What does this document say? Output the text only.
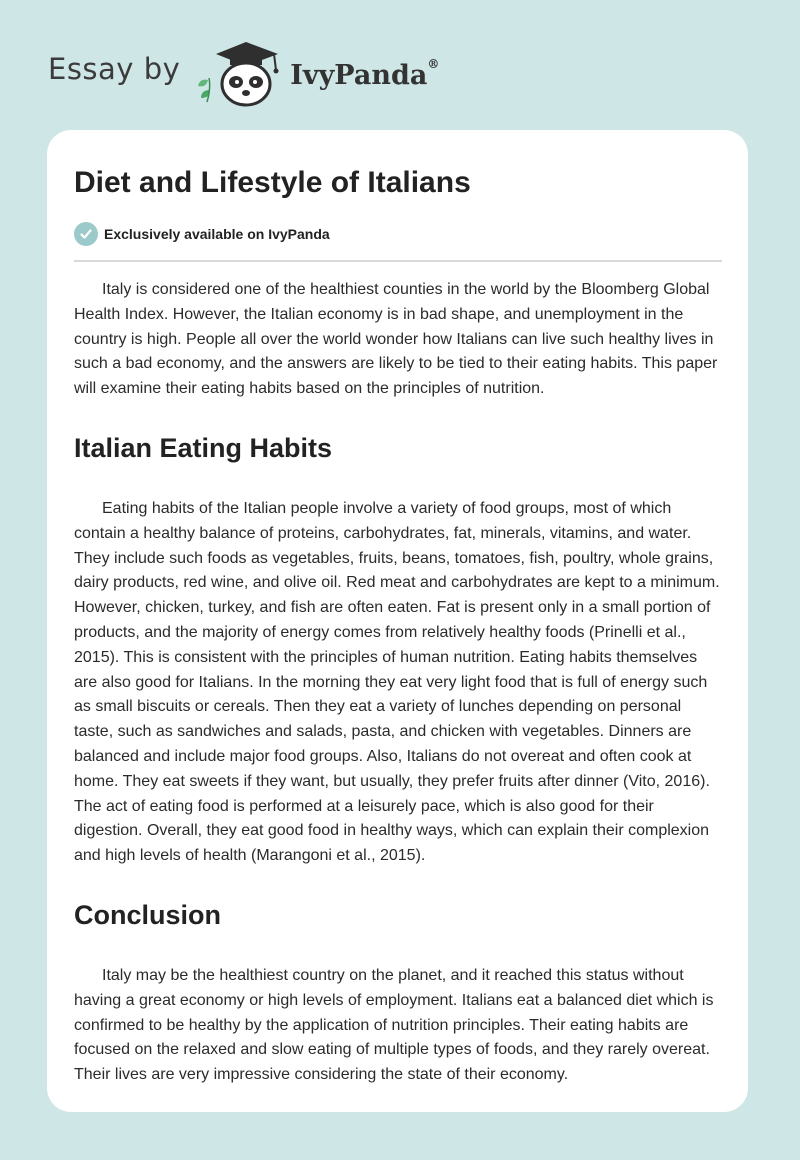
Essay by	IvyPanda®
Diet and Lifestyle of Italians
Exclusively available on IvyPanda

Italy is considered one of the healthiest counties in the world by the Bloomberg Global Health Index. However, the Italian economy is in bad shape, and unemployment in the country is high. People all over the world wonder how Italians can live such healthy lives in such a bad economy, and the answers are likely to be tied to their eating habits. This paper will examine their eating habits based on the principles of nutrition.

Italian Eating Habits

Eating habits of the Italian people involve a variety of food groups, most of which contain a healthy balance of proteins, carbohydrates, fat, minerals, vitamins, and water. They include such foods as vegetables, fruits, beans, tomatoes, fish, poultry, whole grains, dairy products, red wine, and olive oil. Red meat and carbohydrates are kept to a minimum. However, chicken, turkey, and fish are often eaten. Fat is present only in a small portion of products, and the majority of energy comes from relatively healthy foods (Prinelli et al., 2015). This is consistent with the principles of human nutrition. Eating habits themselves are also good for Italians. In the morning they eat very light food that is full of energy such as small biscuits or cereals. Then they eat a variety of lunches depending on personal taste, such as sandwiches and salads, pasta, and chicken with vegetables. Dinners are balanced and include major food groups. Also, Italians do not overeat and often cook at home. They eat sweets if they want, but usually, they prefer fruits after dinner (Vito, 2016). The act of eating food is performed at a leisurely pace, which is also good for their digestion. Overall, they eat good food in healthy ways, which can explain their complexion and high levels of health (Marangoni et al., 2015).

Conclusion

Italy may be the healthiest country on the planet, and it reached this status without having a great economy or high levels of employment. Italians eat a balanced diet which is confirmed to be healthy by the application of nutrition principles. Their eating habits are focused on the relaxed and slow eating of multiple types of foods, and they rarely overeat. Their lives are very impressive considering the state of their economy.
